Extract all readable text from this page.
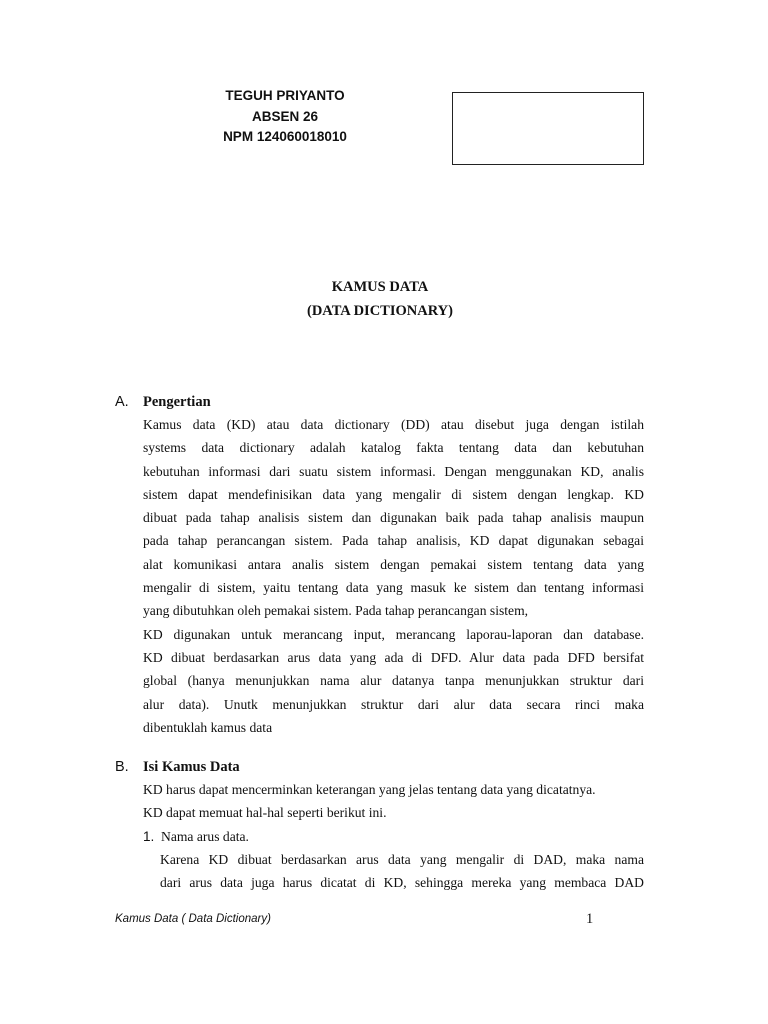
TEGUH PRIYANTO
ABSEN 26
NPM 124060018010
KAMUS DATA
(DATA DICTIONARY)
A. Pengertian
Kamus data (KD) atau data dictionary (DD) atau disebut juga dengan istilah
systems data dictionary adalah katalog fakta tentang data dan kebutuhan
kebutuhan informasi dari suatu sistem informasi. Dengan menggunakan KD, analis
sistem dapat mendefinisikan data yang mengalir di sistem dengan lengkap. KD
dibuat pada tahap analisis sistem dan digunakan baik pada tahap analisis maupun
pada tahap perancangan sistem. Pada tahap analisis, KD dapat digunakan sebagai
alat komunikasi antara analis sistem dengan pemakai sistem tentang data yang
mengalir di sistem, yaitu tentang data yang masuk ke sistem dan tentang informasi
yang dibutuhkan oleh pemakai sistem. Pada tahap perancangan sistem,
KD digunakan untuk merancang input, merancang laporau-laporan dan database.
KD dibuat berdasarkan arus data yang ada di DFD. Alur data pada DFD bersifat
global (hanya menunjukkan nama alur datanya tanpa menunjukkan struktur dari
alur data). Unutk menunjukkan struktur dari alur data secara rinci maka
dibentuklah kamus data
B. Isi Kamus Data
KD harus dapat mencerminkan keterangan yang jelas tentang data yang dicatatnya.
KD dapat memuat hal-hal seperti berikut ini.
1. Nama arus data.
Karena KD dibuat berdasarkan arus data yang mengalir di DAD, maka nama
dari arus data juga harus dicatat di KD, sehingga mereka yang membaca DAD
Kamus Data ( Data Dictionary)	1
